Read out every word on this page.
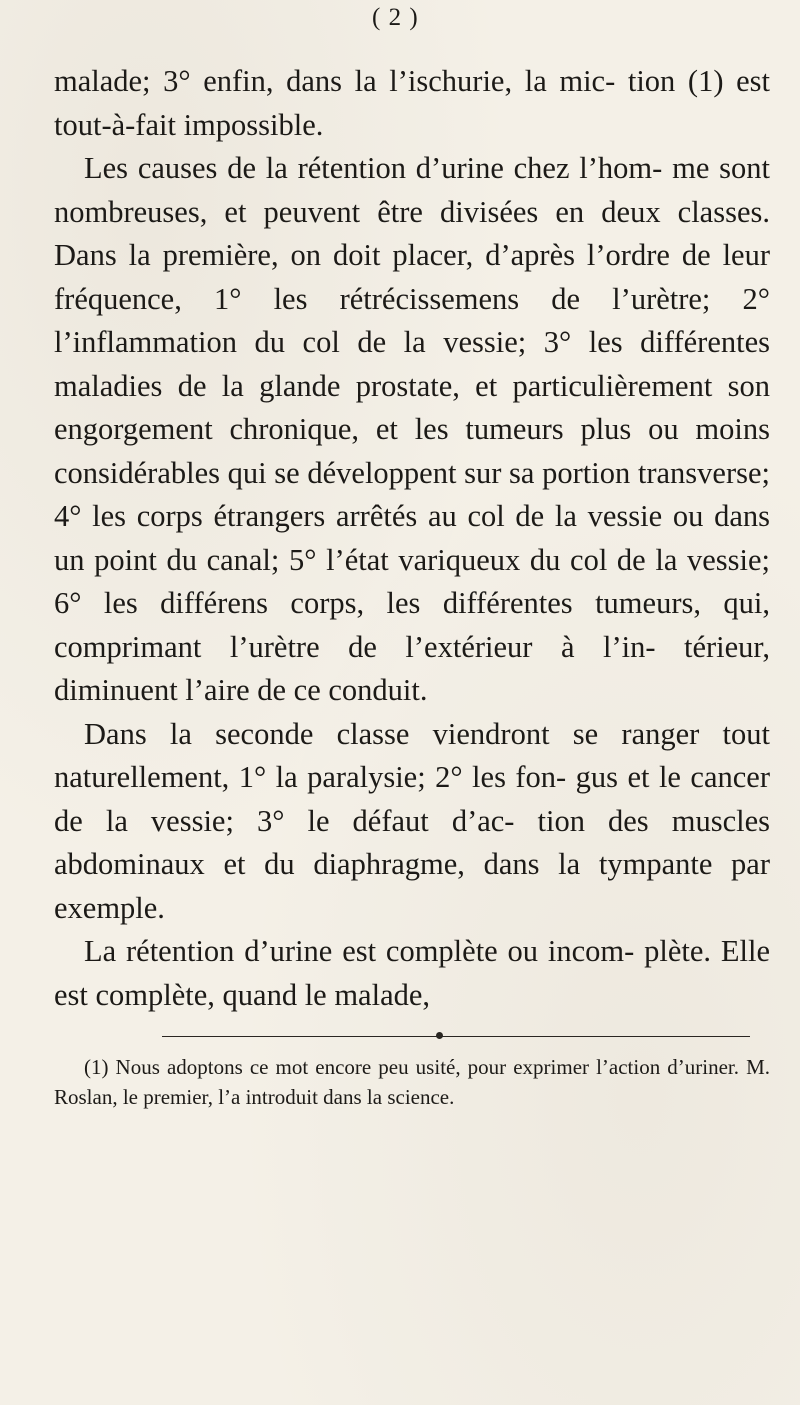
( 2 )

malade; 3° enfin, dans la l’ischurie, la mic- tion (1) est tout-à-fait impossible.

Les causes de la rétention d’urine chez l’hom- me sont nombreuses, et peuvent être divisées en deux classes. Dans la première, on doit placer, d’après l’ordre de leur fréquence, 1° les rétrécissemens de l’urètre; 2° l’inflammation du col de la vessie; 3° les différentes maladies de la glande prostate, et particulièrement son engorgement chronique, et les tumeurs plus ou moins considérables qui se développent sur sa portion transverse; 4° les corps étrangers arrêtés au col de la vessie ou dans un point du canal; 5° l’état variqueux du col de la vessie; 6° les différens corps, les différentes tumeurs, qui, comprimant l’urètre de l’extérieur à l’in- térieur, diminuent l’aire de ce conduit.

Dans la seconde classe viendront se ranger tout naturellement, 1° la paralysie; 2° les fon- gus et le cancer de la vessie; 3° le défaut d’ac- tion des muscles abdominaux et du diaphragme, dans la tympante par exemple.

La rétention d’urine est complète ou incom- plète. Elle est complète, quand le malade,

(1) Nous adoptons ce mot encore peu usité, pour exprimer l’action d’uriner. M. Roslan, le premier, l’a introduit dans la science.
